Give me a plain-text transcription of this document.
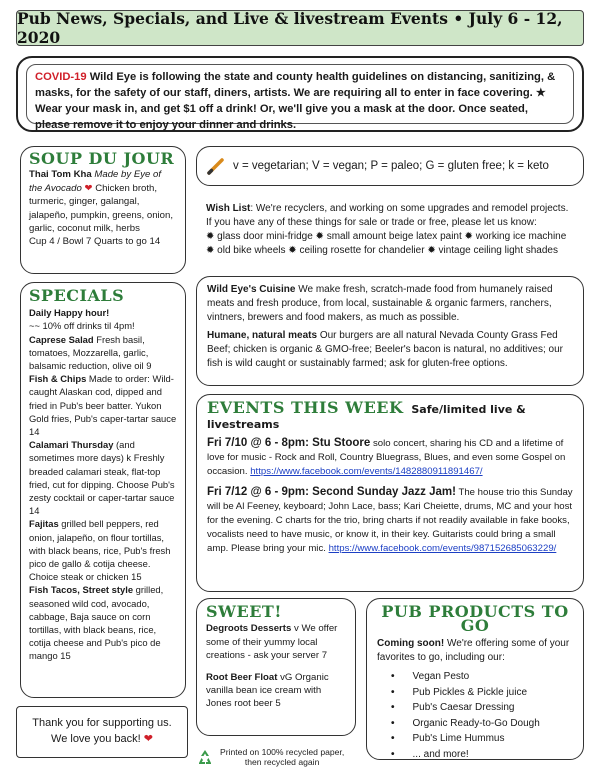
Pub News, Specials, and Live & livestream Events • July 6 - 12, 2020
COVID-19 Wild Eye is following the state and county health guidelines on distancing, sanitizing, & masks, for the safety of our staff, diners, artists. We are requiring all to enter in face covering. ★ Wear your mask in, and get $1 off a drink! Or, we'll give you a mask at the door. Once seated, please remove it to enjoy your dinner and drinks.
SOUP DU JOUR
Thai Tom Kha Made by Eye of the Avocado ❤ Chicken broth, turmeric, ginger, galangal, jalapeño, pumpkin, greens, onion, garlic, coconut milk, herbs
Cup 4 / Bowl 7 Quarts to go 14
SPECIALS
Daily Happy hour!
~~ 10% off drinks til 4pm!
Caprese Salad Fresh basil, tomatoes, Mozzarella, garlic, balsamic reduction, olive oil 9
Fish & Chips Made to order: Wild-caught Alaskan cod, dipped and fried in Pub's beer batter. Yukon Gold fries, Pub's caper-tartar sauce 14
Calamari Thursday (and sometimes more days) k Freshly breaded calamari steak, flat-top fried, cut for dipping. Choose Pub's zesty cocktail or caper-tartar sauce 14
Fajitas grilled bell peppers, red onion, jalapeño, on flour tortillas, with black beans, rice, Pub's fresh pico de gallo & cotija cheese.
Choice steak or chicken 15
Fish Tacos, Street style grilled, seasoned wild cod, avocado, cabbage, Baja sauce on corn tortillas, with black beans, rice, cotija cheese and Pub's pico de mango 15
Thank you for supporting us.
We love you back! ❤
v = vegetarian; V = vegan; P = paleo; G = gluten free; k = keto
Wish List: We're recyclers, and working on some upgrades and remodel projects. If you have any of these things for sale or trade or free, please let us know:
✹ glass door mini-fridge ✹ small amount beige latex paint ✹ working ice machine ✹ old bike wheels ✹ ceiling rosette for chandelier ✹ vintage ceiling light shades
Wild Eye's Cuisine We make fresh, scratch-made food from humanely raised meats and fresh produce, from local, sustainable & organic farmers, ranchers, vintners, brewers and food makers, as much as possible.
Humane, natural meats Our burgers are all natural Nevada County Grass Fed Beef; chicken is organic & GMO-free; Beeler's bacon is natural, no additives; our fish is wild caught or sustainably farmed; ask for gluten-free options.
EVENTS THIS WEEK Safe/limited live & livestreams
Fri 7/10 @ 6 - 8pm: Stu Stoore solo concert, sharing his CD and a lifetime of love for music - Rock and Roll, Country Bluegrass, Blues, and even some Gospel on occasion. https://www.facebook.com/events/1482880911891467/
Fri 7/12 @ 6 - 9pm: Second Sunday Jazz Jam! The house trio this Sunday will be Al Feeney, keyboard; John Lace, bass; Kari Cheiette, drums, MC and your host for the evening. C charts for the trio, bring charts if not readily available in fake books, vocalists need to have music, or know it, in their key. Guitarists could bring a small amp. Please bring your mic. https://www.facebook.com/events/987152685063229/
SWEET!
Degroots Desserts v We offer some of their yummy local creations - ask your server 7
Root Beer Float vG Organic vanilla bean ice cream with Jones root beer 5
Printed on 100% recycled paper,
then recycled again
PUB PRODUCTS TO GO
Coming soon! We're offering some of your favorites to go, including our:
• Vegan Pesto
• Pub Pickles & Pickle juice
• Pub's Caesar Dressing
• Organic Ready-to-Go Dough
• Pub's Lime Hummus
• ... and more!
